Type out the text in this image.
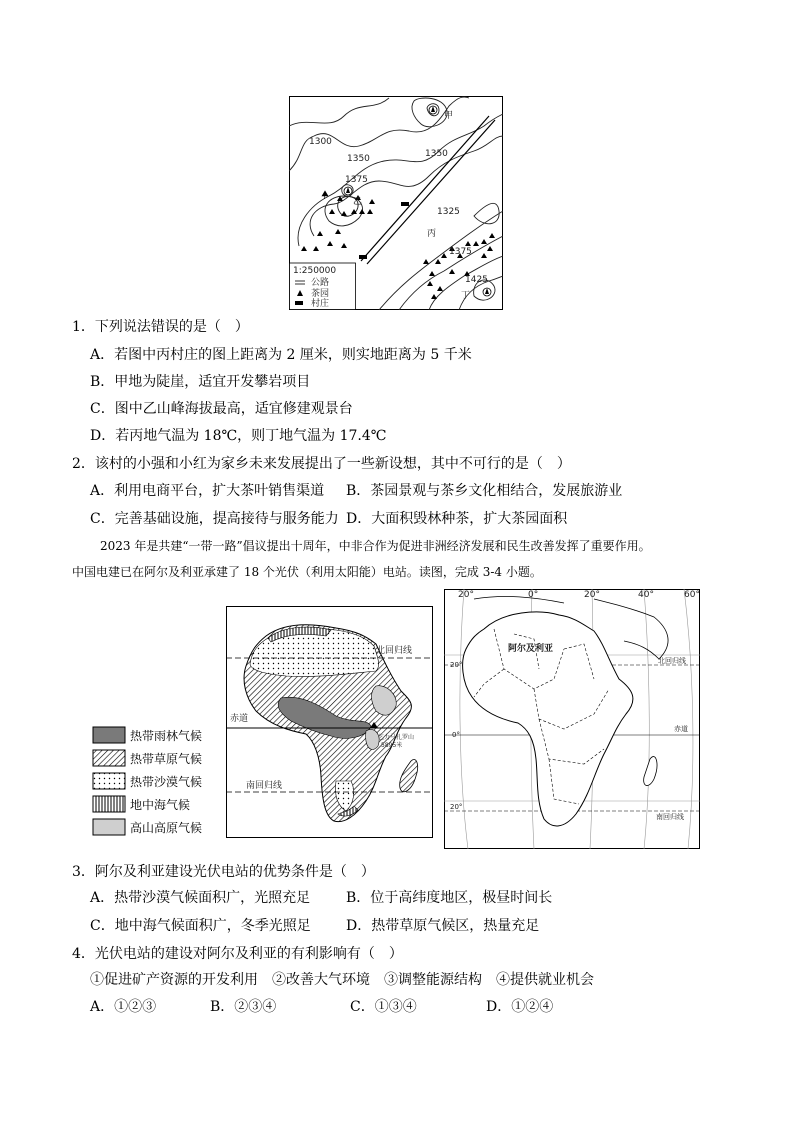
1300
1350	1350
1375
1325
1375
1425
甲
乙
丙
丁
1:250000
公路
茶园
村庄
1．下列说法错误的是（　）
A．若图中丙村庄的图上距离为 2 厘米，则实地距离为 5 千米
B．甲地为陡崖，适宜开发攀岩项目
C．图中乙山峰海拔最高，适宜修建观景台
D．若丙地气温为 18℃，则丁地气温为 17.4℃
2．该村的小强和小红为家乡未来发展提出了一些新设想，其中不可行的是（　）
A．利用电商平台，扩大茶叶销售渠道 B．茶园景观与茶乡文化相结合，发展旅游业
C．完善基础设施，提高接待与服务能力 D．大面积毁林种茶，扩大茶园面积
2023 年是共建“一带一路”倡议提出十周年，中非合作为促进非洲经济发展和民生改善发挥了重要作用。
中国电建已在阿尔及利亚承建了 18 个光伏（利用太阳能）电站。读图，完成 3-4 小题。
北回归线
赤道
南回归线
乞力马扎罗山
5895米
热带雨林气候
热带草原气候
热带沙漠气候
地中海气候
高山高原气候
20°	0°	20°	40°	60°
20°
0°
20°
阿尔及利亚
北回归线
赤道
南回归线
3．阿尔及利亚建设光伏电站的优势条件是（　）
A．热带沙漠气候面积广，光照充足	B．位于高纬度地区，极昼时间长
C．地中海气候面积广，冬季光照足	D．热带草原气候区，热量充足
4．光伏电站的建设对阿尔及利亚的有利影响有（　）
①促进矿产资源的开发利用　②改善大气环境　③调整能源结构　④提供就业机会
A．①②③	B．②③④	C．①③④	D．①②④
